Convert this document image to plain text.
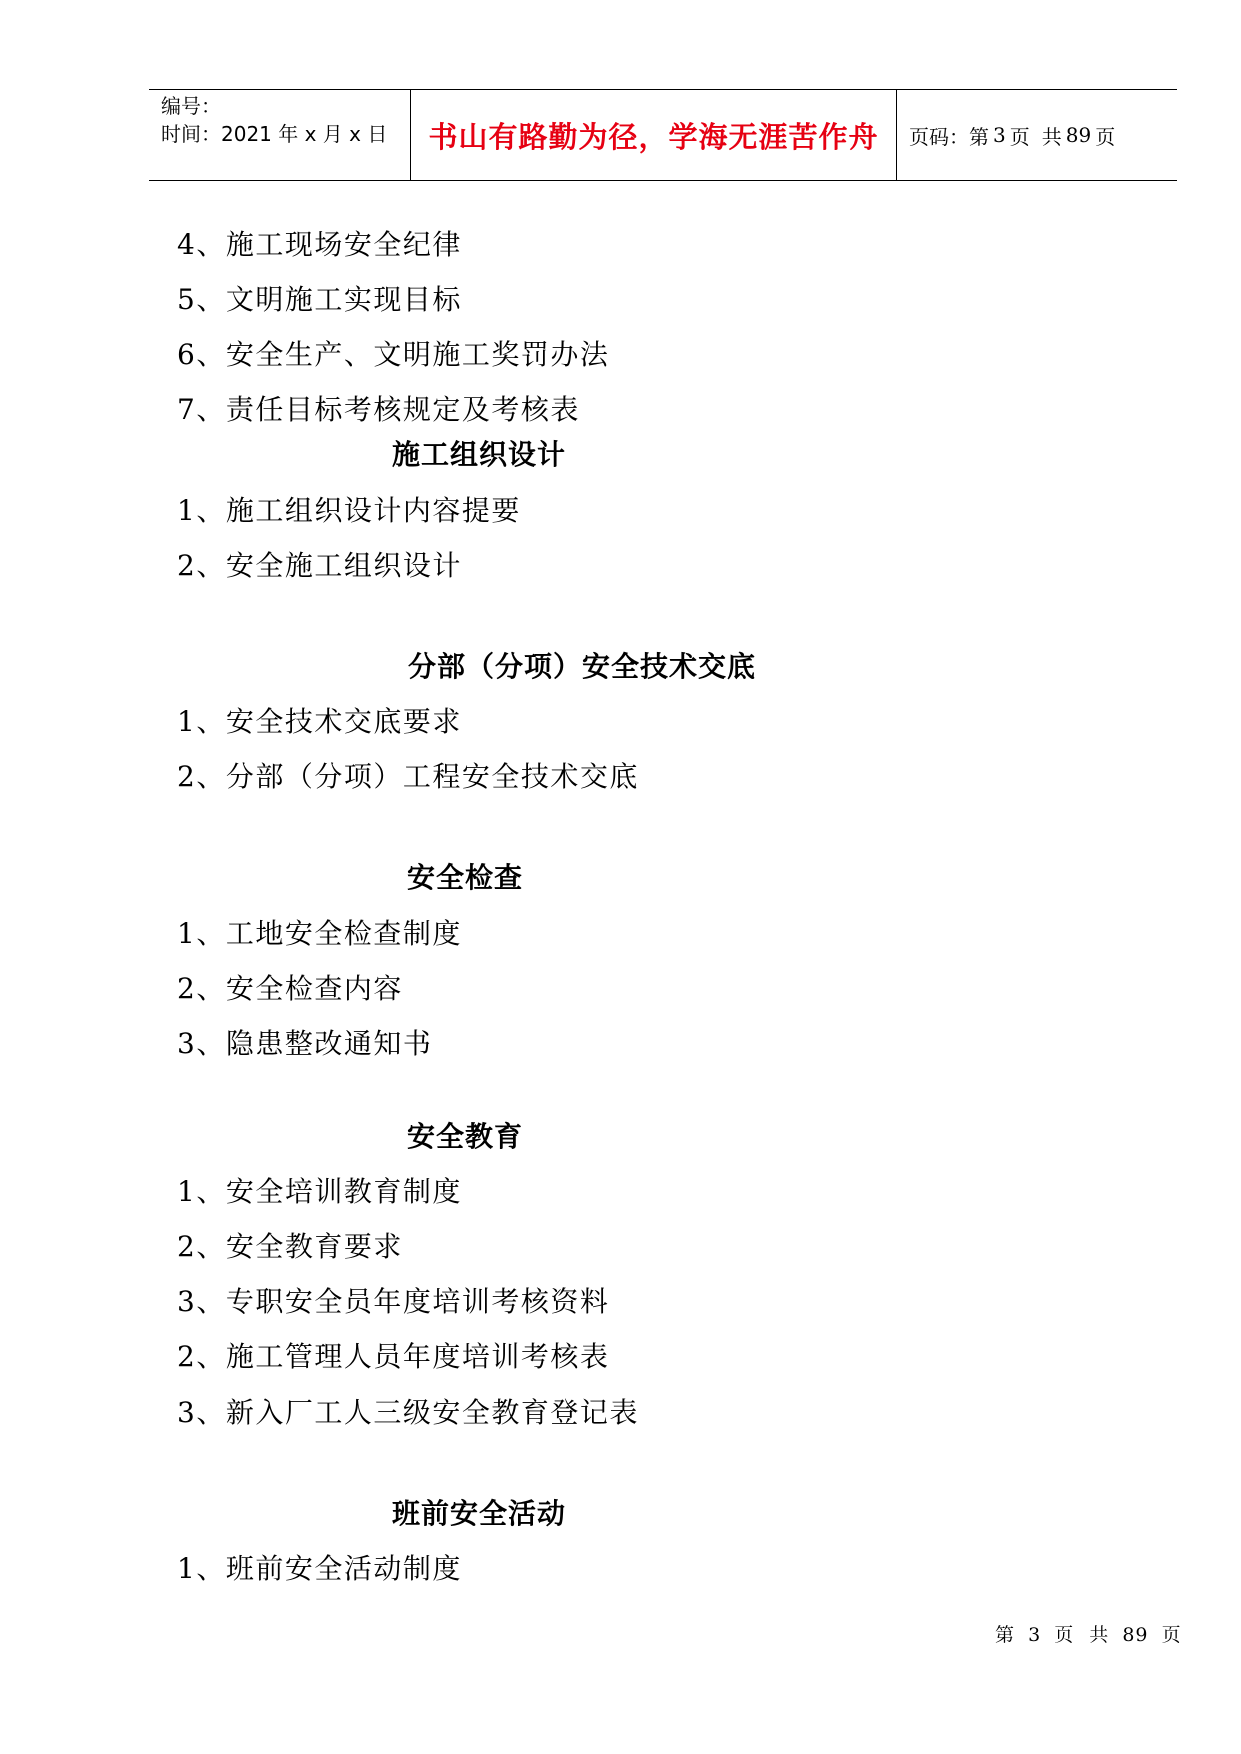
编号：
时间：2021 年 x 月 x 日	书山有路勤为径，学海无涯苦作舟 页码：第 3 页 共 89 页
4、施工现场安全纪律
5、文明施工实现目标
6、安全生产、文明施工奖罚办法
7、责任目标考核规定及考核表
施工组织设计
1、施工组织设计内容提要
2、安全施工组织设计
分部（分项）安全技术交底
1、安全技术交底要求
2、分部（分项）工程安全技术交底
安全检查
1、工地安全检查制度
2、安全检查内容
3、隐患整改通知书
安全教育
1、安全培训教育制度
2、安全教育要求
3、专职安全员年度培训考核资料
2、施工管理人员年度培训考核表
3、新入厂工人三级安全教育登记表
班前安全活动
1、班前安全活动制度
第 3 页 共 89 页
